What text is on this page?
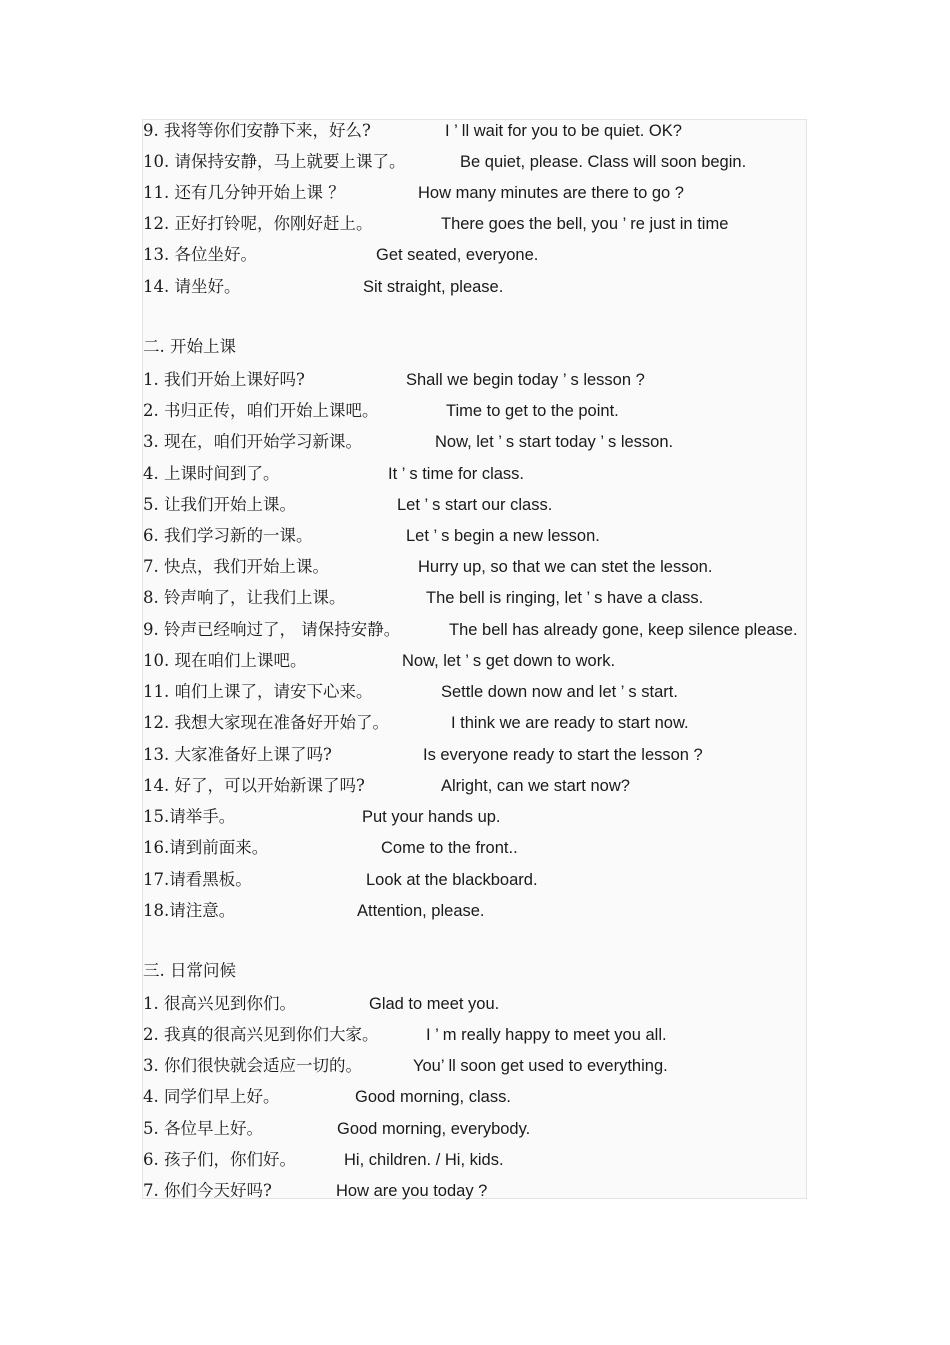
9. 我将等你们安静下来，好么?	I ’ ll wait for you to be quiet. OK?
10. 请保持安静，马上就要上课了。	Be quiet, please. Class will soon begin.
11. 还有几分钟开始上课 ？	How many minutes are there to go ?
12. 正好打铃呢，你刚好赶上。	There goes the bell, you ’ re just in time
13. 各位坐好。	Get seated, everyone.
14. 请坐好。	Sit straight, please.
二. 开始上课
1. 我们开始上课好吗?	Shall we begin today ’ s lesson ?
2. 书归正传，咱们开始上课吧。	Time to get to the point.
3. 现在，咱们开始学习新课。	Now, let ’ s start today ’ s lesson.
4. 上课时间到了。	It ’ s time for class.
5. 让我们开始上课。	Let ’ s start our class.
6. 我们学习新的一课。	Let ’ s begin a new lesson.
7. 快点，我们开始上课。	Hurry up, so that we can stet the lesson.
8. 铃声响了，让我们上课。	The bell is ringing, let ’ s have a class.
9. 铃声已经响过了， 请保持安静。	The bell has already gone, keep silence please.
10. 现在咱们上课吧。	Now, let ’ s get down to work.
11. 咱们上课了，请安下心来。	Settle down now and let ’ s start.
12. 我想大家现在准备好开始了。	I think we are ready to start now.
13. 大家准备好上课了吗?	Is everyone ready to start the lesson ?
14. 好了，可以开始新课了吗?	Alright, can we start now?
15.请举手。	Put your hands up.
16.请到前面来。	Come to the front..
17.请看黑板。	Look at the blackboard.
18.请注意。	Attention, please.
三. 日常问候
1. 很高兴见到你们。	Glad to meet you.
2. 我真的很高兴见到你们大家。	I ’ m really happy to meet you all.
3. 你们很快就会适应一切的。	You’ ll soon get used to everything.
4. 同学们早上好。	Good morning, class.
5. 各位早上好。	Good morning, everybody.
6. 孩子们，你们好。	Hi, children. / Hi, kids.
7. 你们今天好吗?	How are you today ?
